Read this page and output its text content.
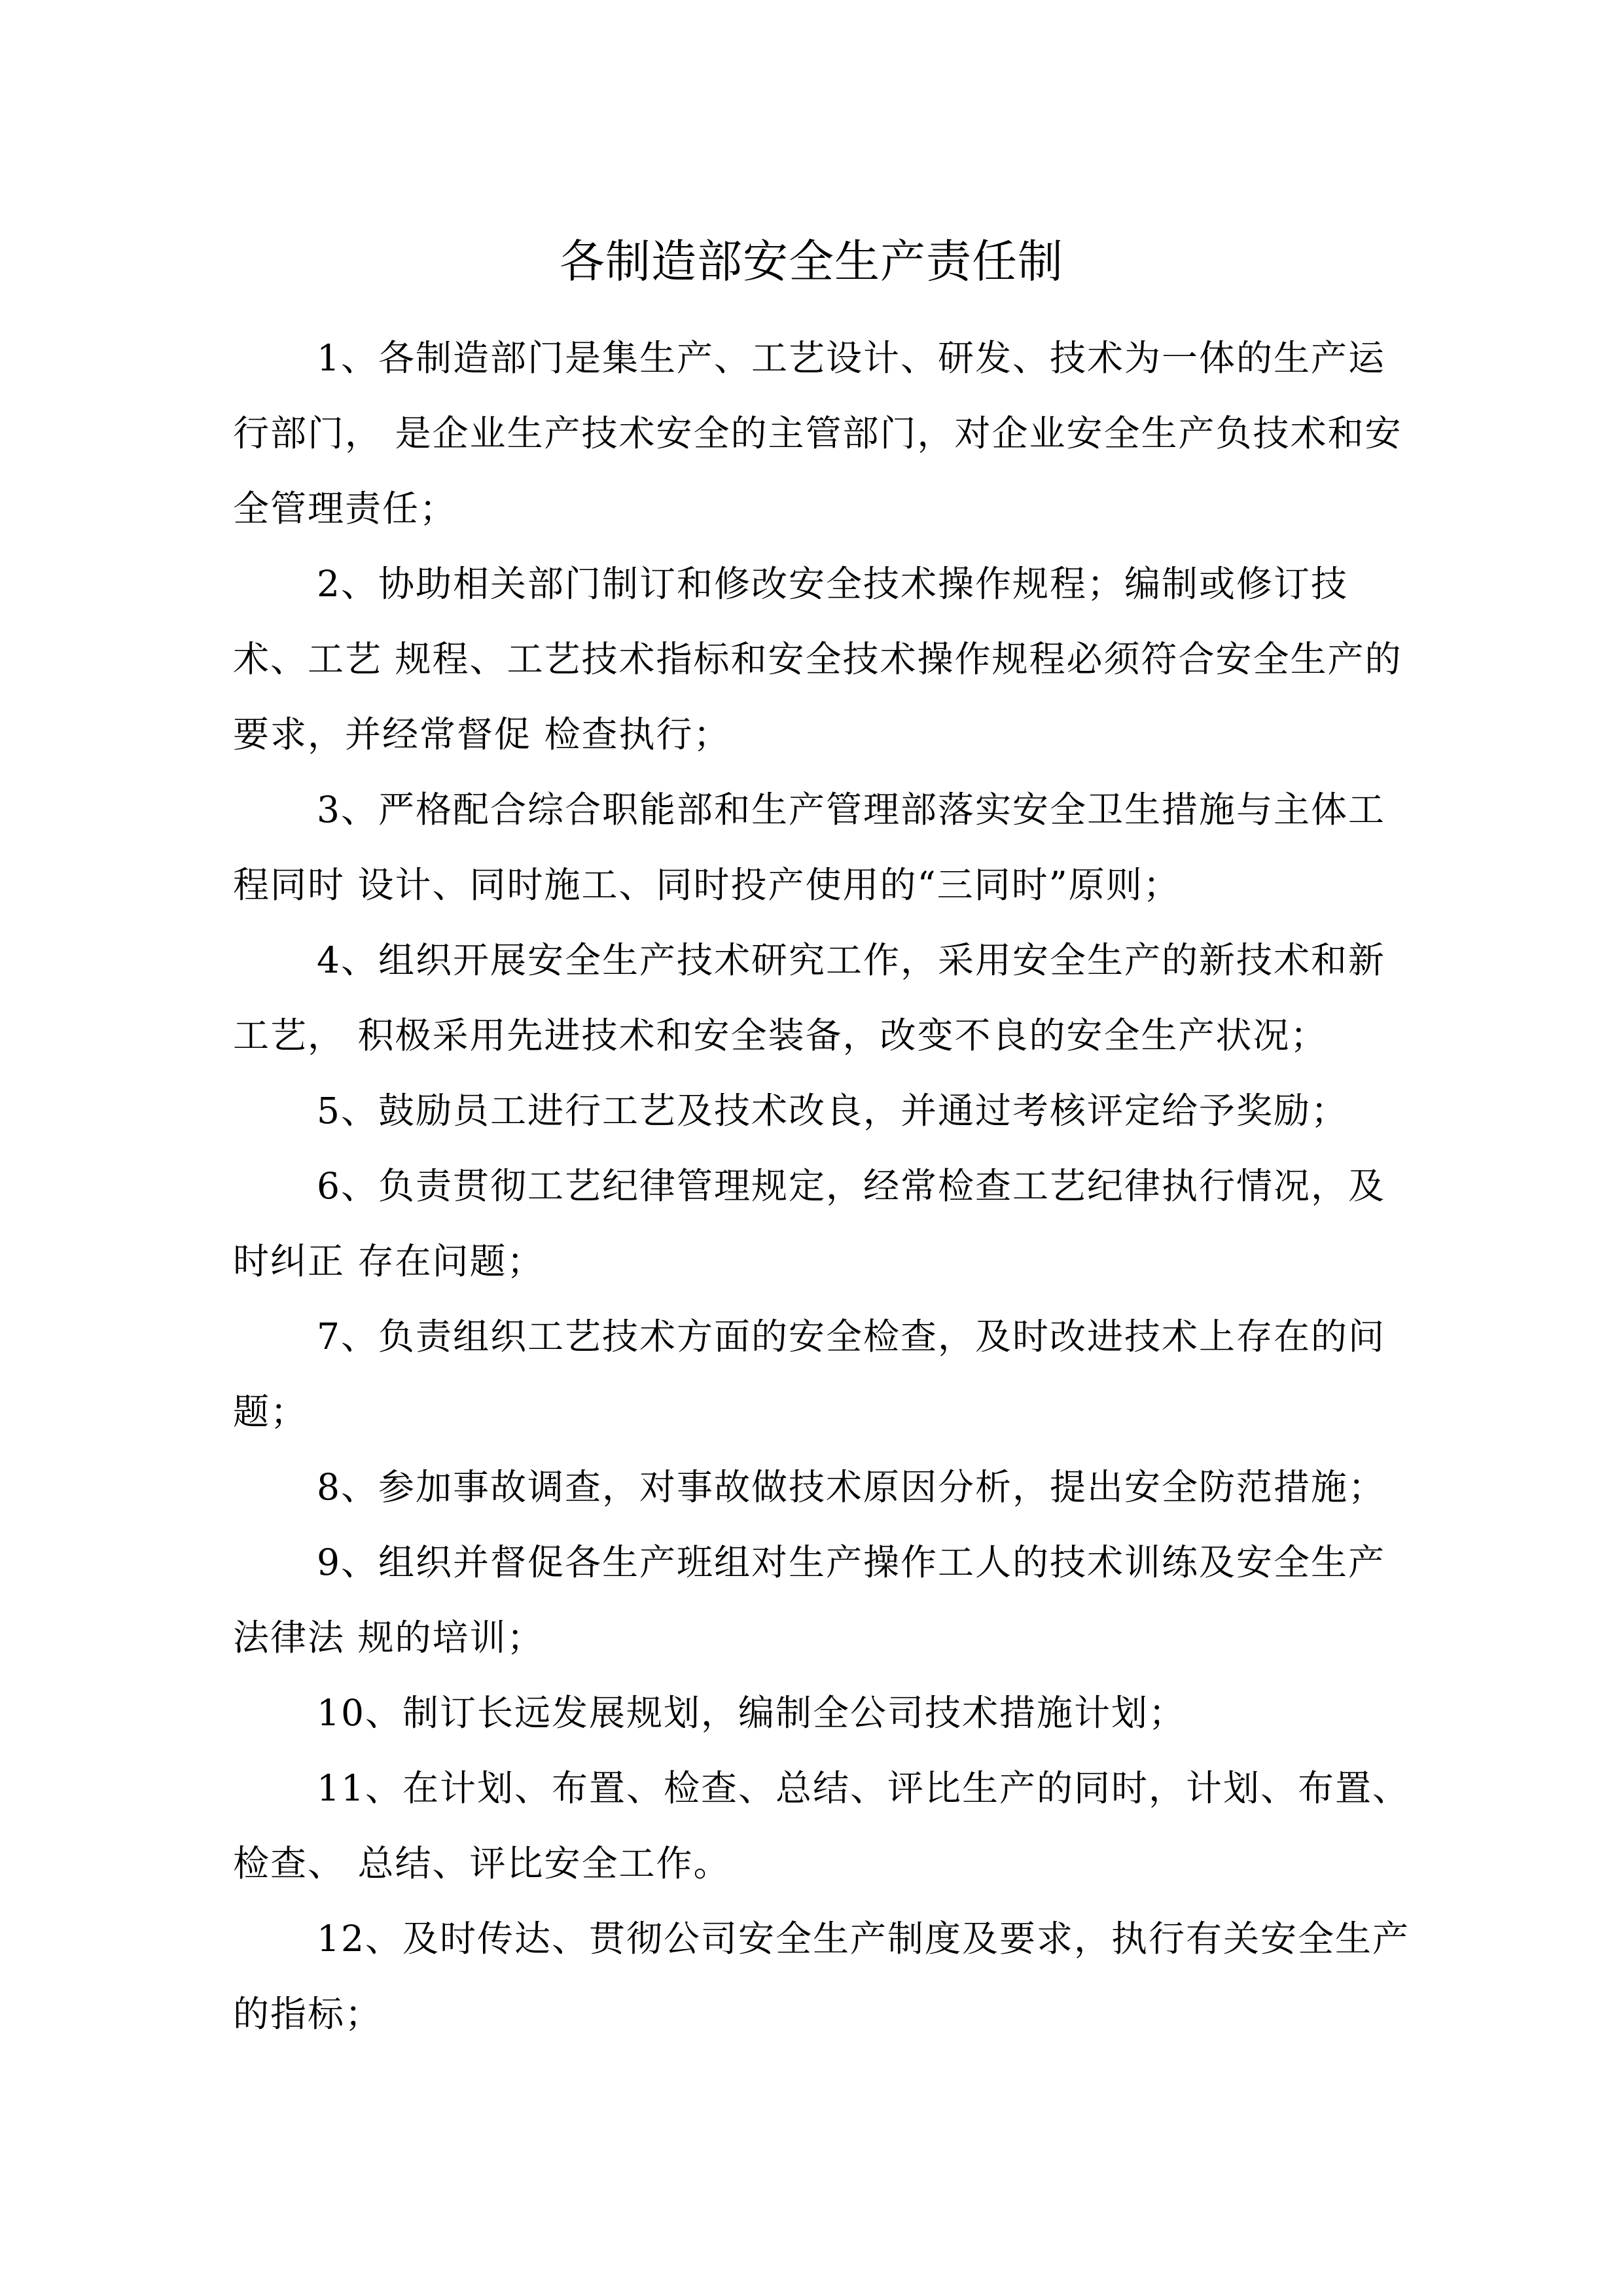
各制造部安全生产责任制

1、各制造部门是集生产、工艺设计、研发、技术为一体的生产运行部门， 是企业生产技术安全的主管部门，对企业安全生产负技术和安全管理责任；

2、协助相关部门制订和修改安全技术操作规程；编制或修订技术、工艺 规程、工艺技术指标和安全技术操作规程必须符合安全生产的要求，并经常督促 检查执行；

3、严格配合综合职能部和生产管理部落实安全卫生措施与主体工程同时 设计、同时施工、同时投产使用的“三同时”原则；

4、组织开展安全生产技术研究工作，采用安全生产的新技术和新工艺， 积极采用先进技术和安全装备，改变不良的安全生产状况；

5、鼓励员工进行工艺及技术改良，并通过考核评定给予奖励；

6、负责贯彻工艺纪律管理规定，经常检查工艺纪律执行情况，及时纠正 存在问题；

7、负责组织工艺技术方面的安全检查，及时改进技术上存在的问题；

8、参加事故调查，对事故做技术原因分析，提出安全防范措施；

9、组织并督促各生产班组对生产操作工人的技术训练及安全生产法律法 规的培训；

10、制订长远发展规划，编制全公司技术措施计划；

11、在计划、布置、检查、总结、评比生产的同时，计划、布置、检查、 总结、评比安全工作。

12、及时传达、贯彻公司安全生产制度及要求，执行有关安全生产的指标；
